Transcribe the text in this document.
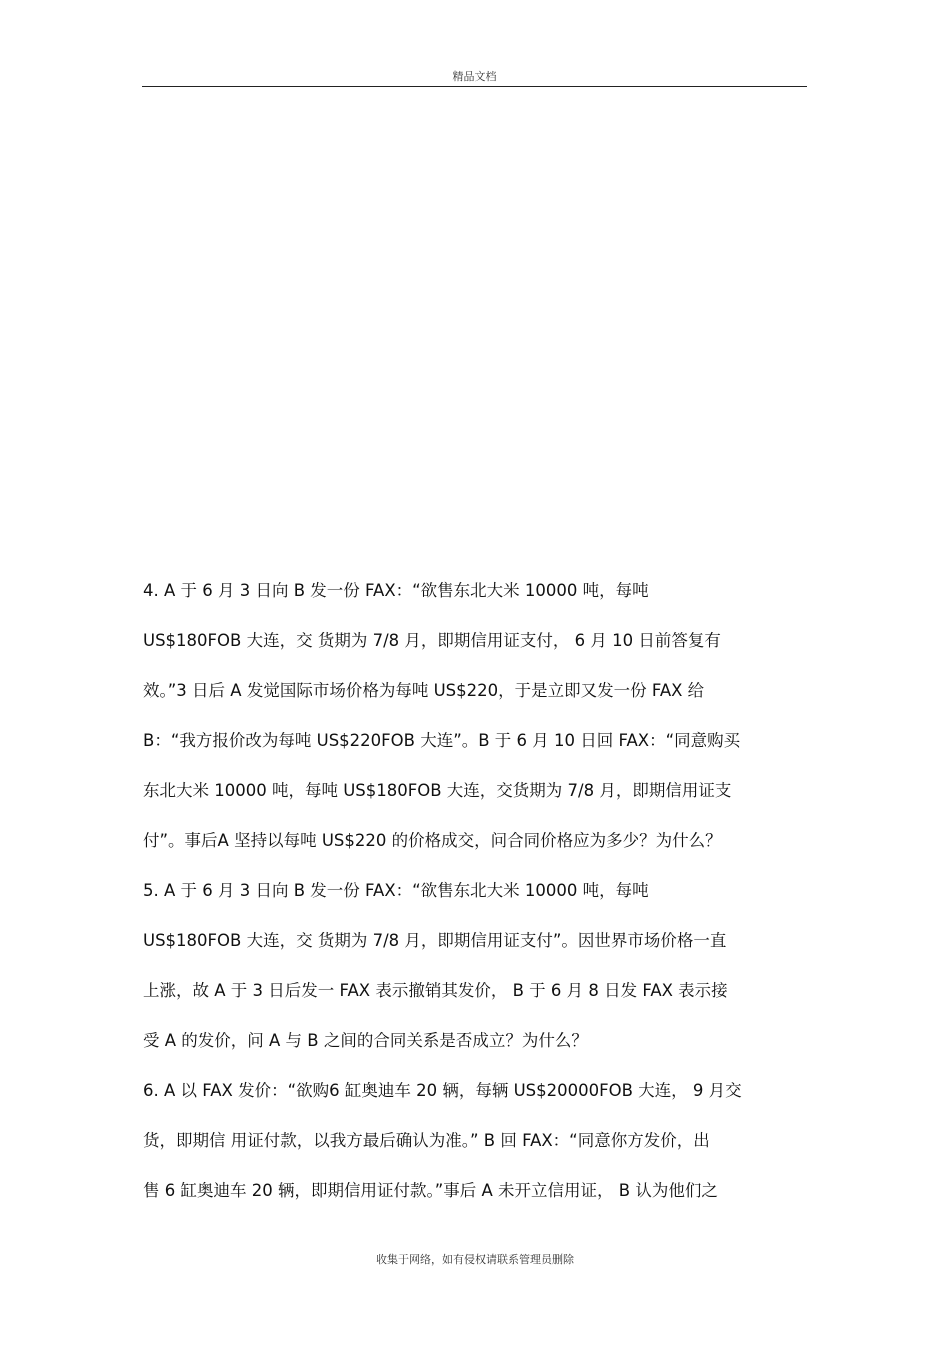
精品文档
4. A 于 6 月 3 日向 B 发一份 FAX：“欲售东北大米 10000 吨，每吨
US$180FOB 大连，交 货期为 7/8 月，即期信用证支付， 6 月 10 日前答复有
效。”3 日后 A 发觉国际市场价格为每吨 US$220，于是立即又发一份 FAX 给
B：“我方报价改为每吨 US$220FOB 大连”。B 于 6 月 10 日回 FAX：“同意购买
东北大米 10000 吨，每吨 US$180FOB 大连，交货期为 7/8 月，即期信用证支
付”。事后A 坚持以每吨 US$220 的价格成交，问合同价格应为多少？为什么？
5. A 于 6 月 3 日向 B 发一份 FAX：“欲售东北大米 10000 吨，每吨
US$180FOB 大连，交 货期为 7/8 月，即期信用证支付”。因世界市场价格一直
上涨，故 A 于 3 日后发一 FAX 表示撤销其发价， B 于 6 月 8 日发 FAX 表示接
受 A 的发价，问 A 与 B 之间的合同关系是否成立？为什么？
6. A 以 FAX 发价：“欲购6 缸奥迪车 20 辆，每辆 US$20000FOB 大连， 9 月交
货，即期信 用证付款，以我方最后确认为准。” B 回 FAX：“同意你方发价，出
售 6 缸奥迪车 20 辆，即期信用证付款。”事后 A 未开立信用证， B 认为他们之
收集于网络，如有侵权请联系管理员删除
